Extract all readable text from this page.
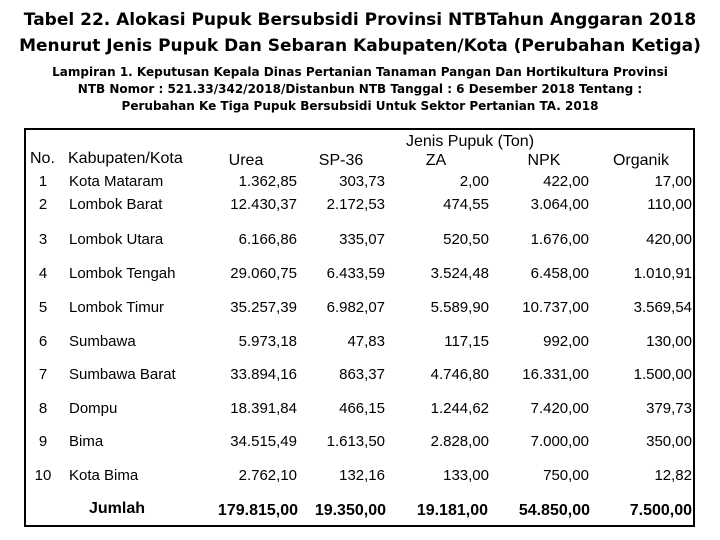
Tabel 22. Alokasi Pupuk Bersubsidi Provinsi NTBTahun Anggaran 2018
Menurut Jenis Pupuk Dan Sebaran Kabupaten/Kota (Perubahan Ketiga)
Lampiran 1. Keputusan Kepala Dinas Pertanian Tanaman Pangan Dan Hortikultura Provinsi
NTB Nomor : 521.33/342/2018/Distanbun NTB Tanggal : 6 Desember 2018 Tentang :
Perubahan Ke Tiga Pupuk Bersubsidi Untuk Sektor Pertanian TA. 2018
No. Kabupaten/Kota
Jenis Pupuk (Ton)
Urea	SP-36	ZA	NPK	Organik
1	Kota Mataram	1.362,85	303,73	2,00	422,00	17,00
2	Lombok Barat	12.430,37	2.172,53	474,55	3.064,00	110,00
3	Lombok Utara	6.166,86	335,07	520,50	1.676,00	420,00
4	Lombok Tengah	29.060,75	6.433,59	3.524,48	6.458,00	1.010,91
5	Lombok Timur	35.257,39	6.982,07	5.589,90	10.737,00	3.569,54
6	Sumbawa	5.973,18	47,83	117,15	992,00	130,00
7	Sumbawa Barat	33.894,16	863,37	4.746,80	16.331,00	1.500,00
8	Dompu	18.391,84	466,15	1.244,62	7.420,00	379,73
9	Bima	34.515,49	1.613,50	2.828,00	7.000,00	350,00
10 Kota Bima	2.762,10	132,16	133,00	750,00	12,82
Jumlah	179.815,00	19.350,00	19.181,00	54.850,00	7.500,00
